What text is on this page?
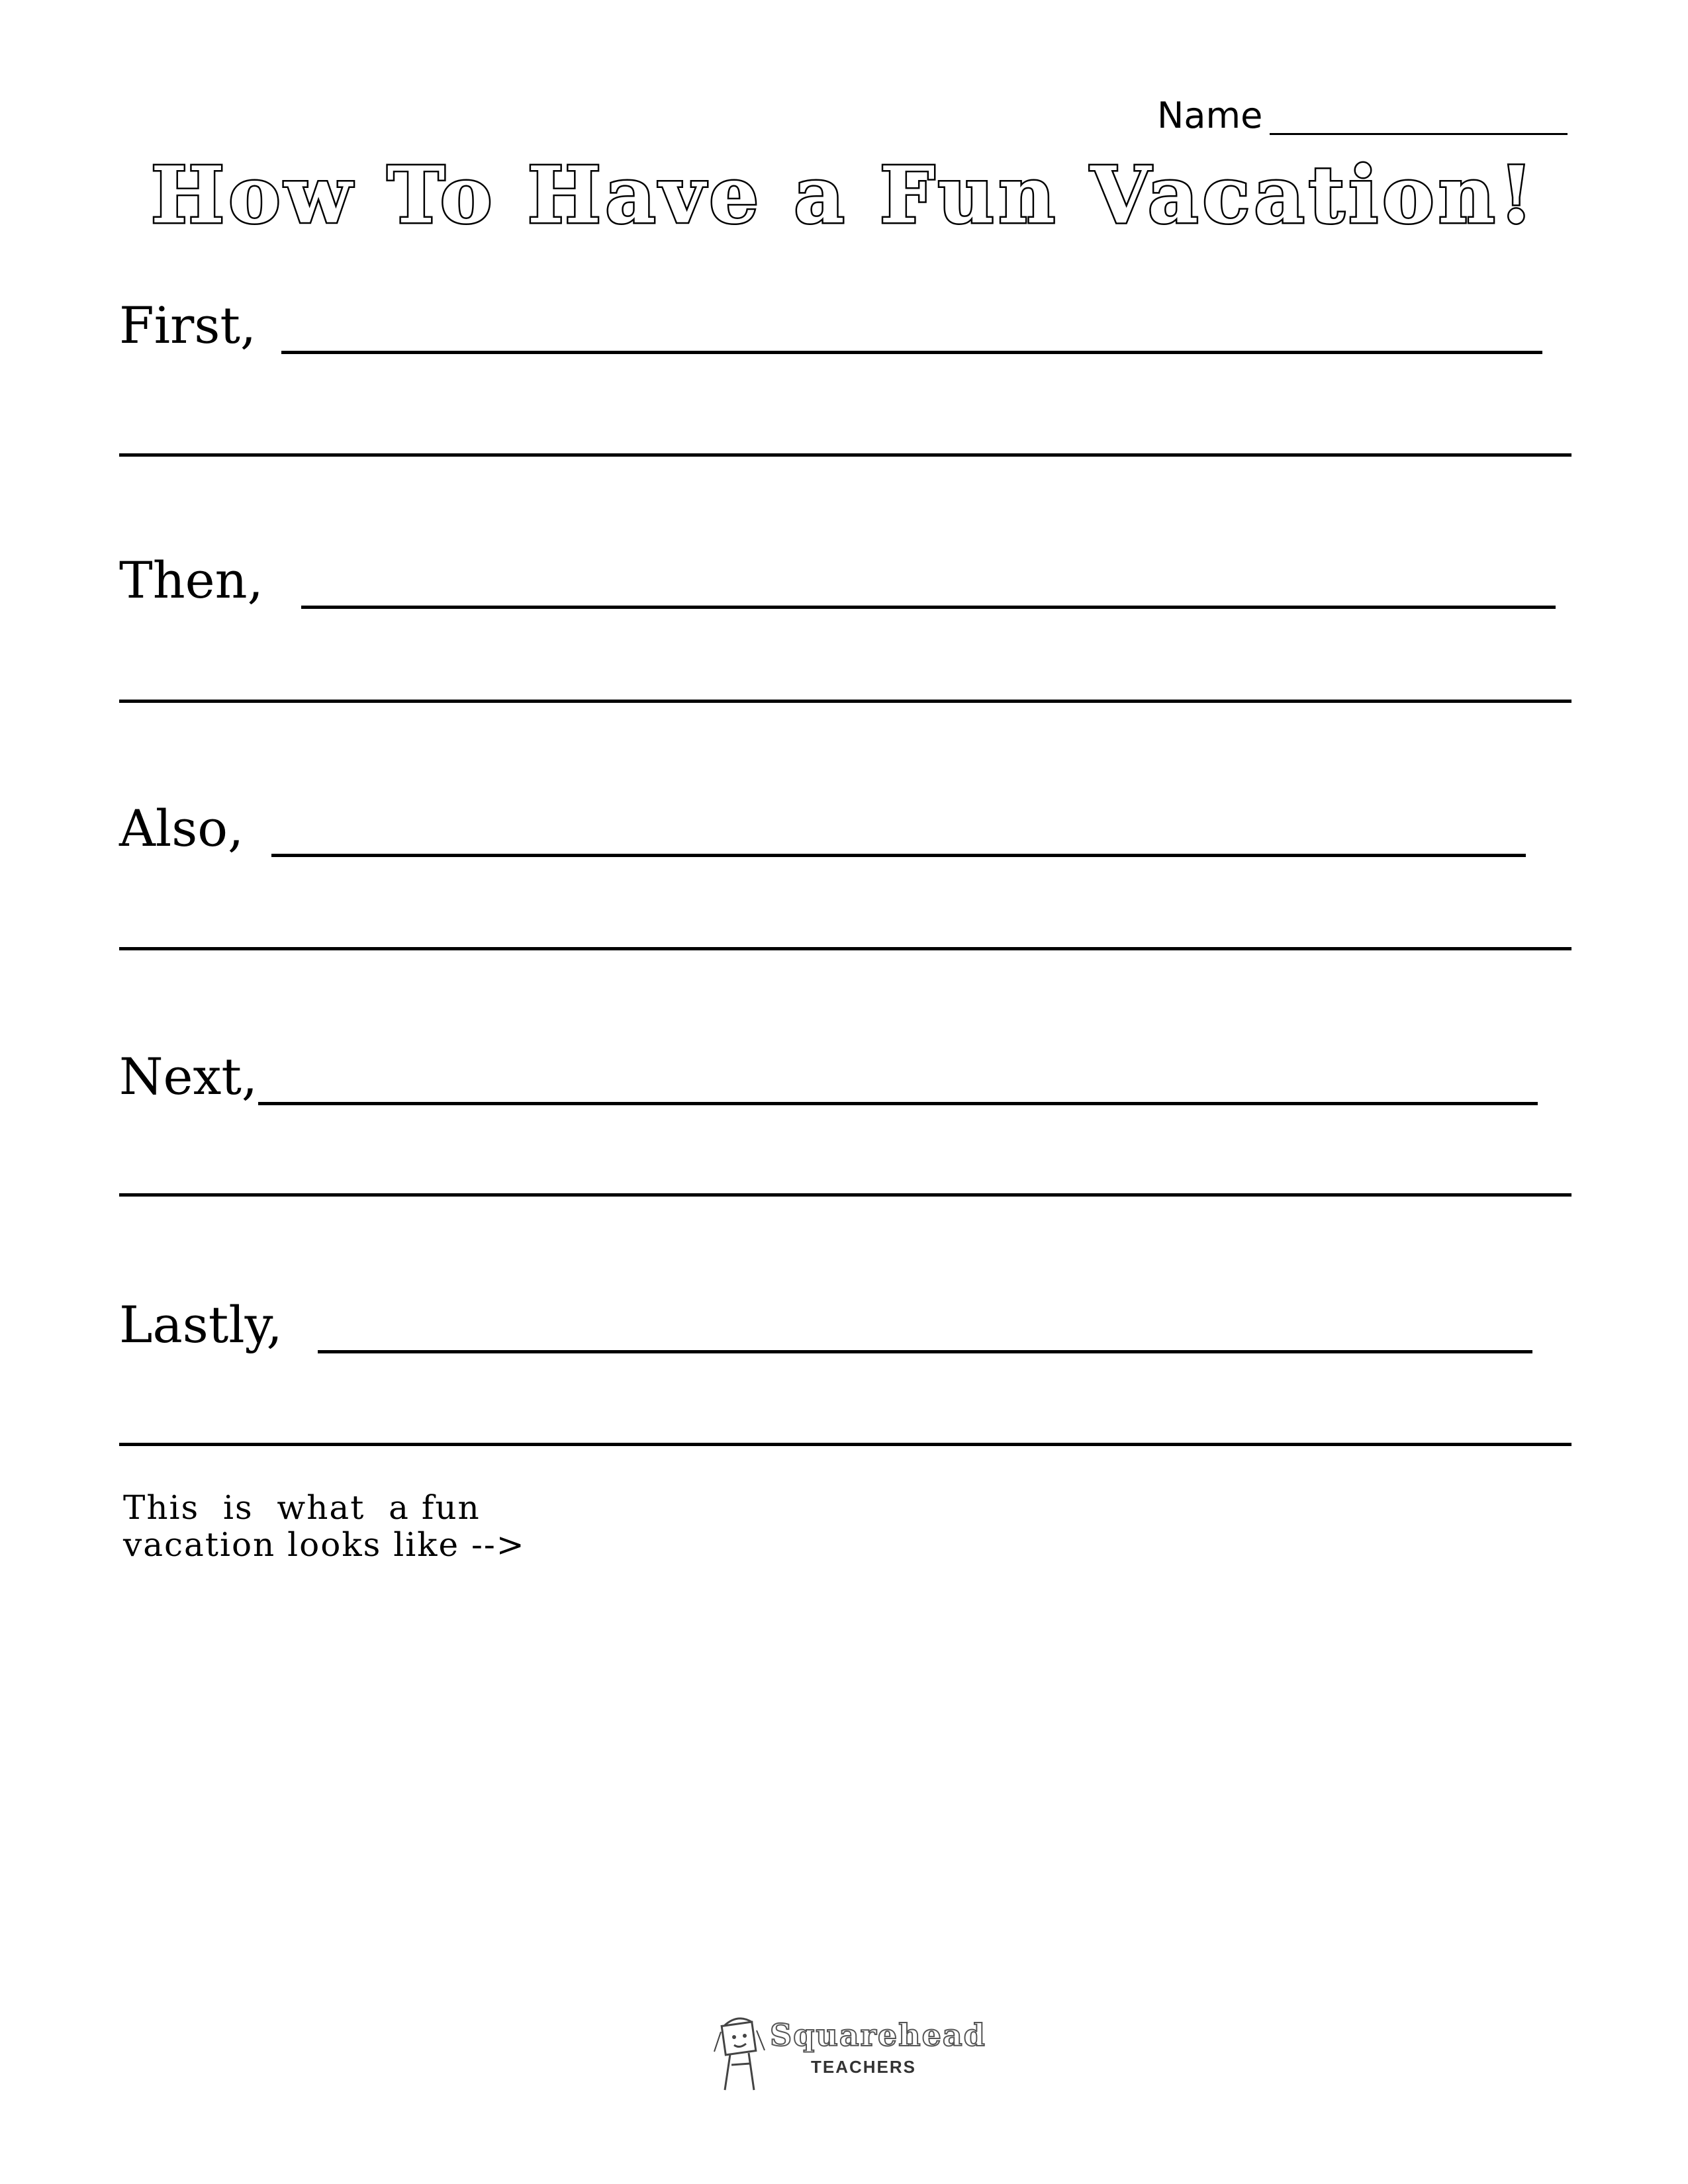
Name
How To Have a Fun Vacation!
First,
Then,
Also,
Next,
Lastly,
This  is  what  a fun
vacation looks like -->
Squarehead
TEACHERS
